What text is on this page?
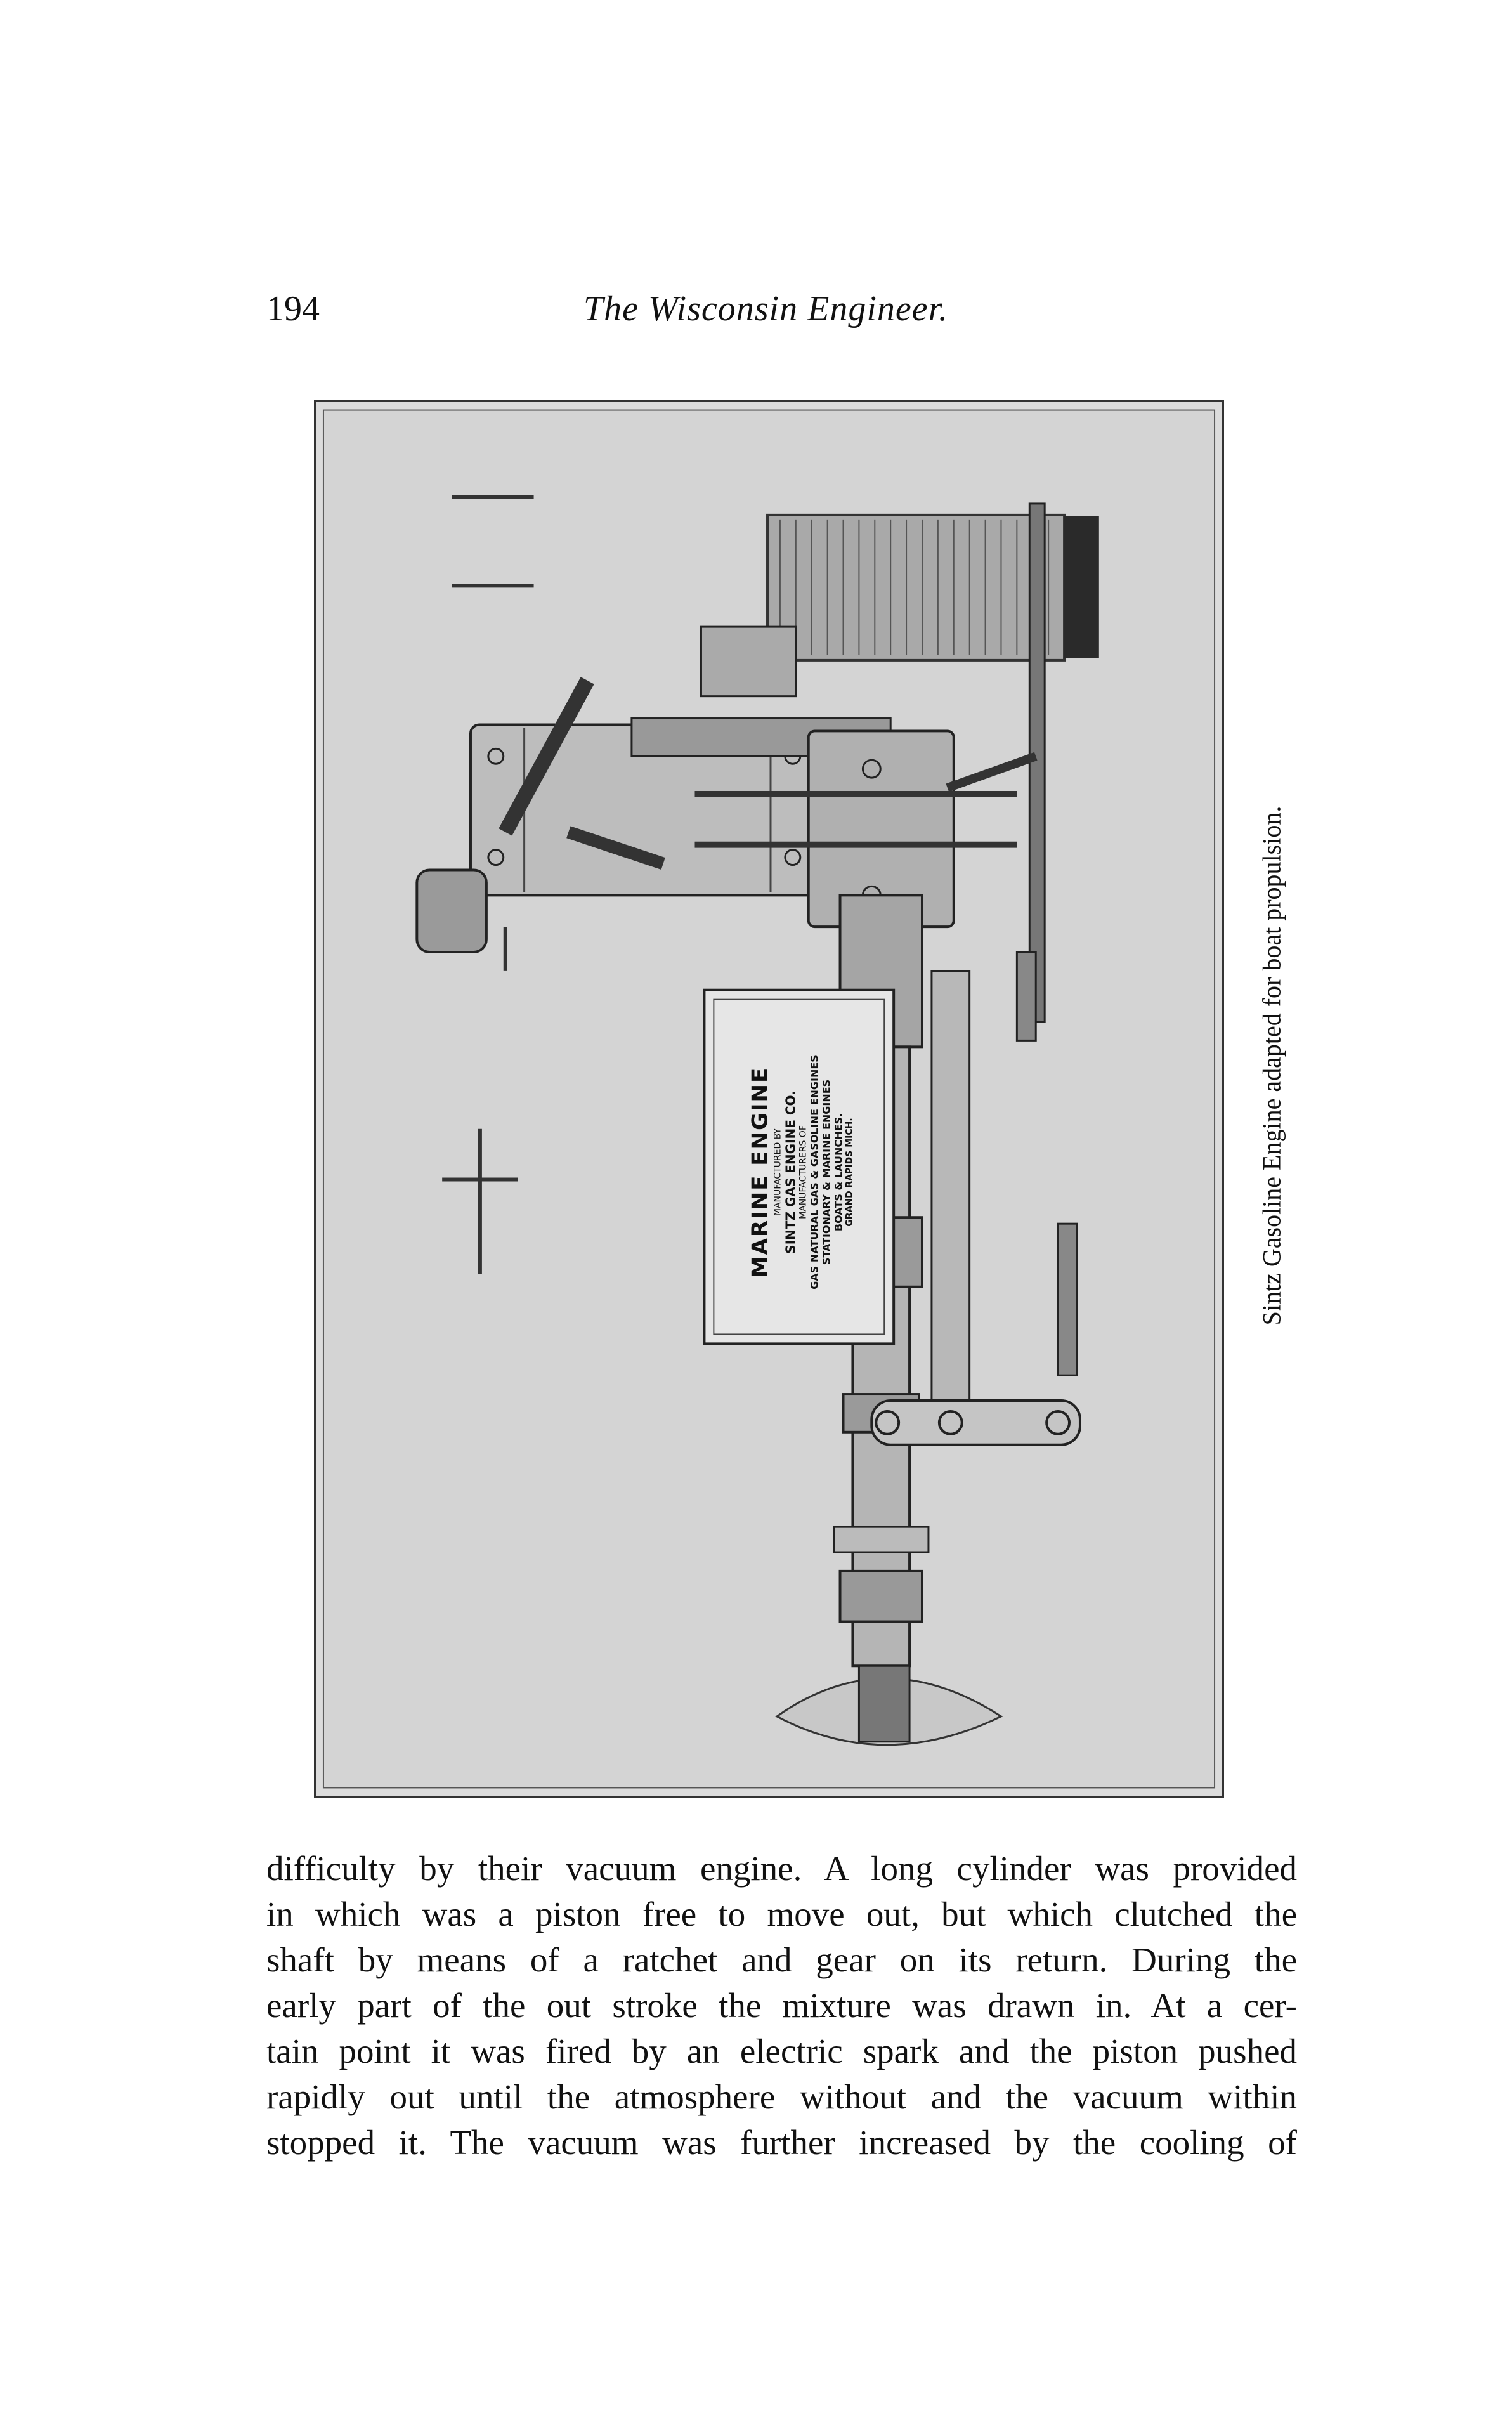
194	The Wisconsin Engineer.
MARINE ENGINE MANUFACTURED BY SINTZ GAS ENGINE CO. MANUFACTURERS OF GAS NATURAL GAS & GASOLINE ENGINES STATIONARY & MARINE ENGINES BOATS & LAUNCHES. GRAND RAPIDS MICH.	Sintz Gasoline Engine adapted for boat propulsion.
difficulty by their vacuum engine. A long cylinder was provided
in which was a piston free to move out, but which clutched the
shaft by means of a ratchet and gear on its return. During the
early part of the out stroke the mixture was drawn in. At a cer-
tain point it was fired by an electric spark and the piston pushed
rapidly out until the atmosphere without and the vacuum within
stopped it. The vacuum was further increased by the cooling of
